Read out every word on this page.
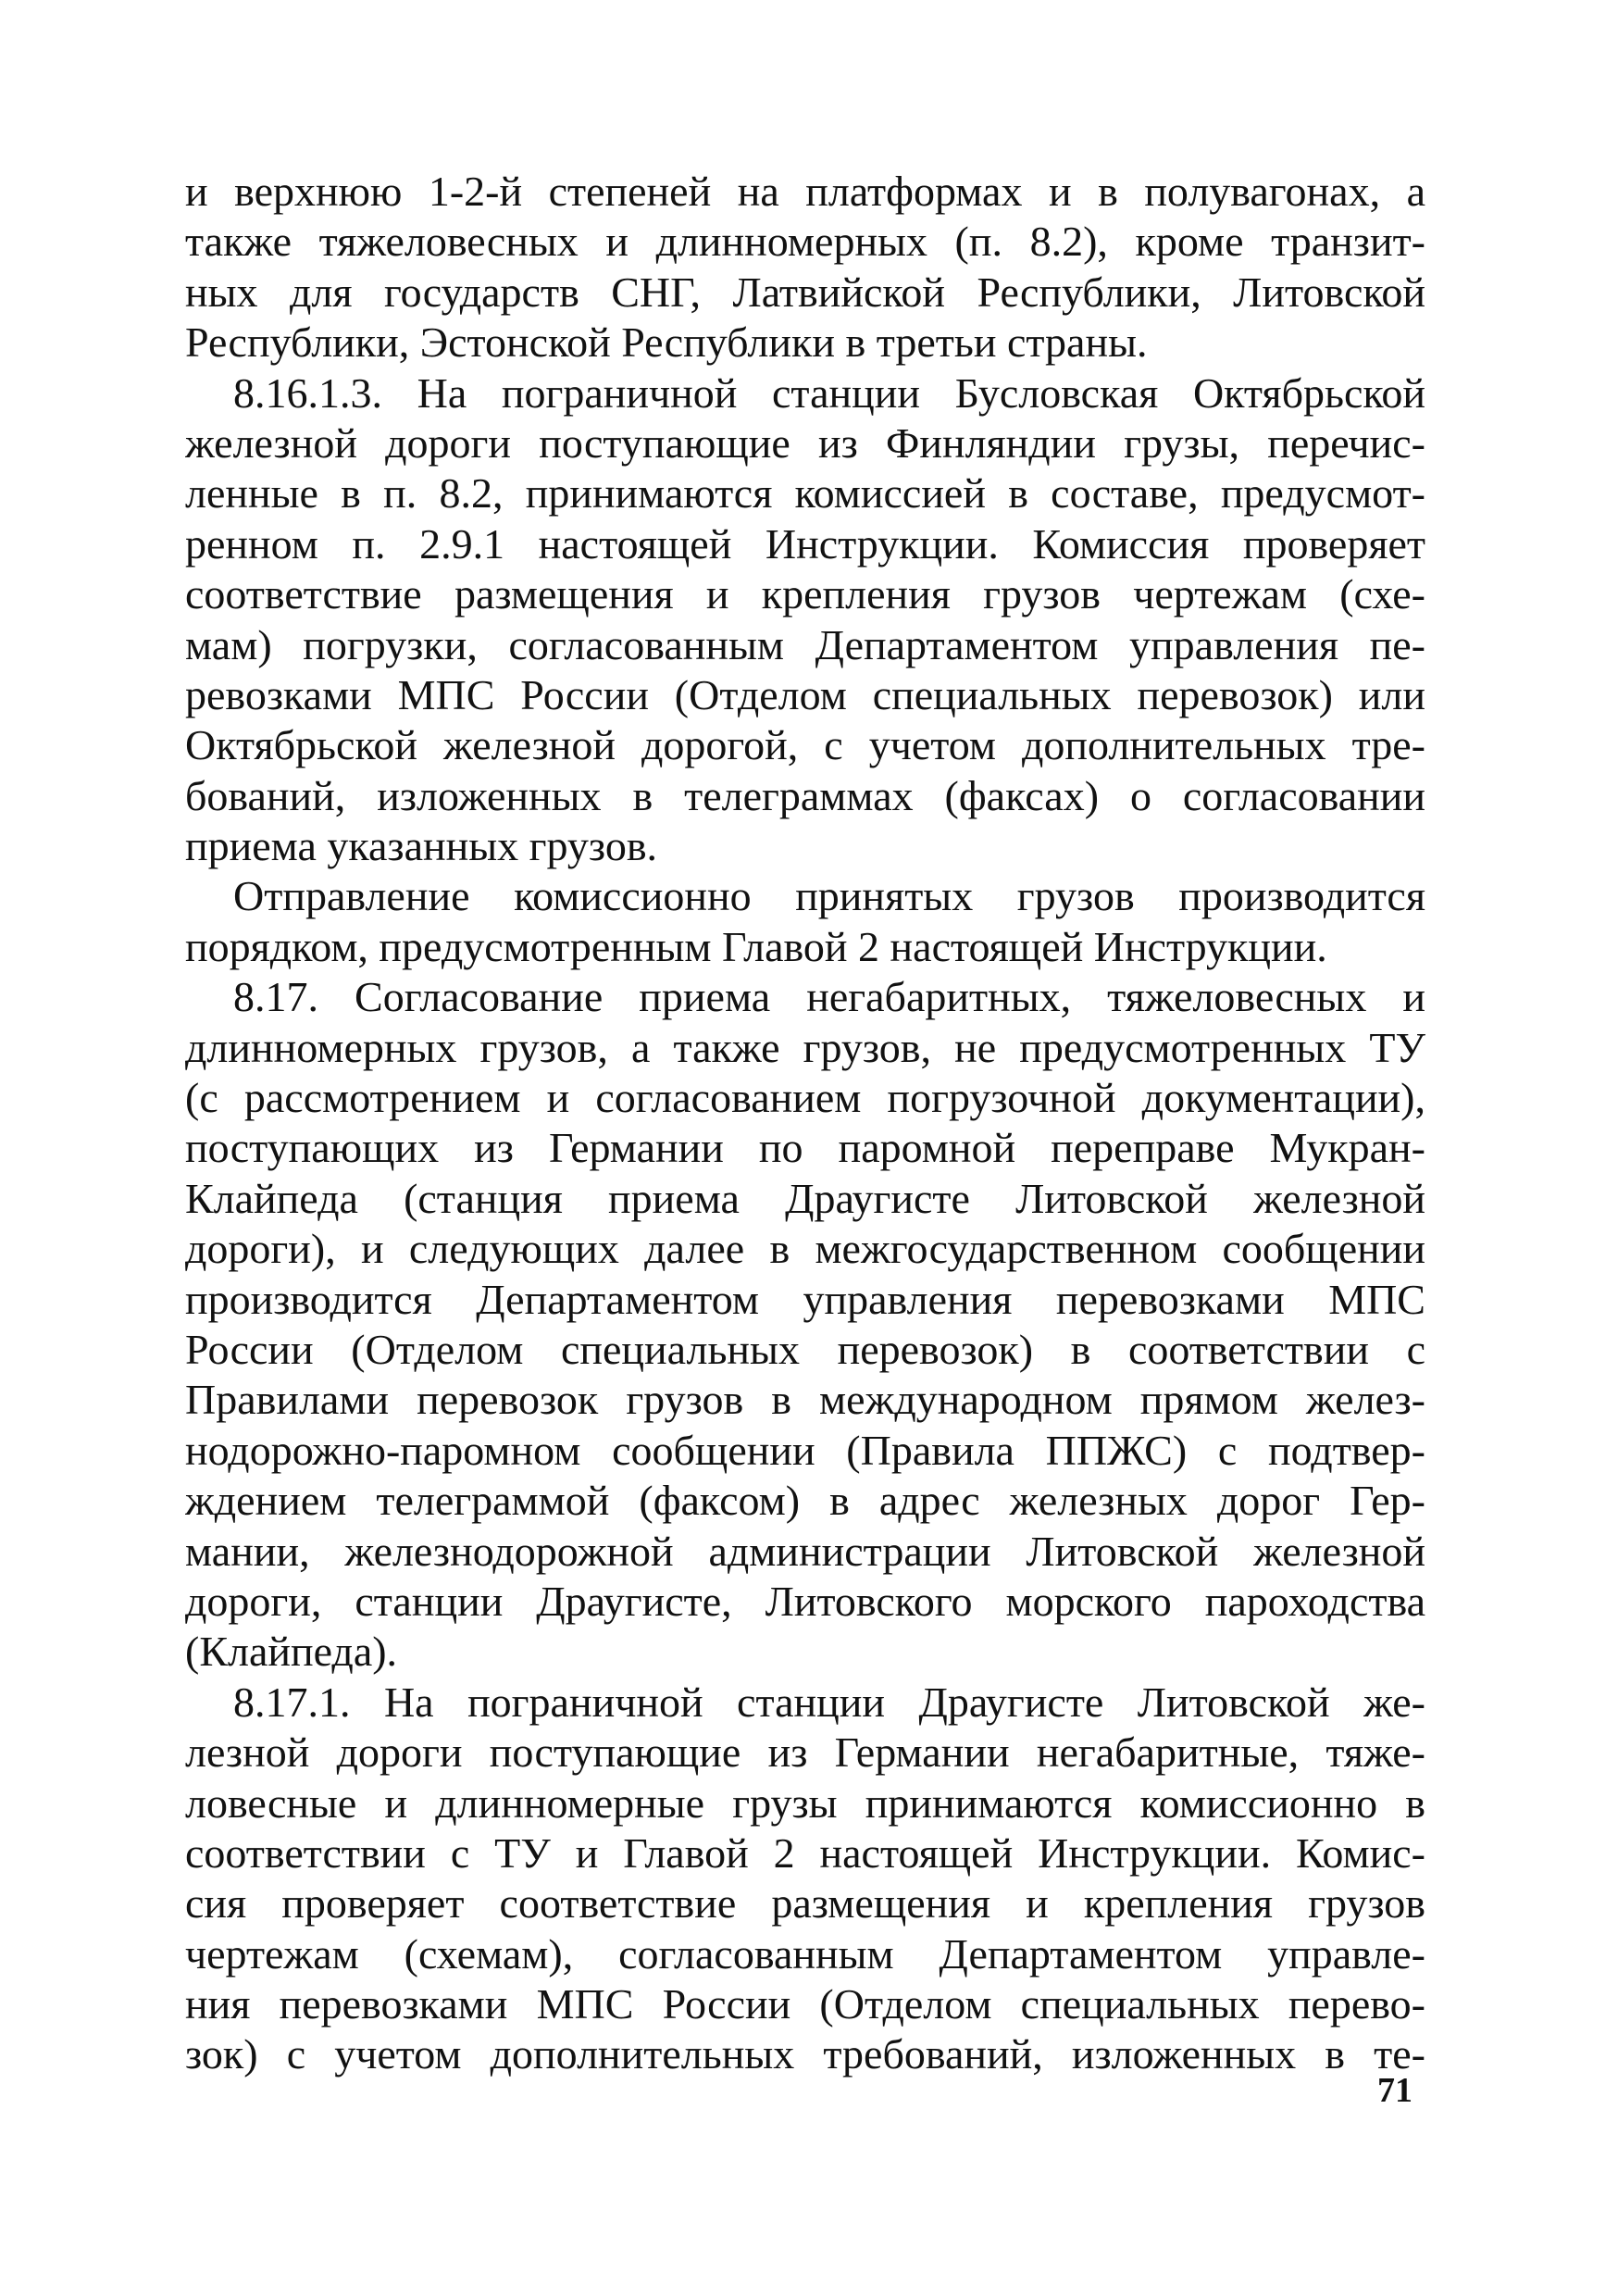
и верхнюю 1-2-й степеней на платформах и в полувагонах, а
также тяжеловесных и длинномерных (п. 8.2), кроме транзит-
ных для государств СНГ, Латвийской Республики, Литовской
Республики, Эстонской Республики в третьи страны.
8.16.1.3. На пограничной станции Бусловская Октябрьской
железной дороги поступающие из Финляндии грузы, перечис-
ленные в п. 8.2, принимаются комиссией в составе, предусмот-
ренном п. 2.9.1 настоящей Инструкции. Комиссия проверяет
соответствие размещения и крепления грузов чертежам (схе-
мам) погрузки, согласованным Департаментом управления пе-
ревозками МПС России (Отделом специальных перевозок) или
Октябрьской железной дорогой, с учетом дополнительных тре-
бований, изложенных в телеграммах (факсах) о согласовании
приема указанных грузов.
Отправление комиссионно принятых грузов производится
порядком, предусмотренным Главой 2 настоящей Инструкции.
8.17. Согласование приема негабаритных, тяжеловесных и
длинномерных грузов, а также грузов, не предусмотренных ТУ
(с рассмотрением и согласованием погрузочной документации),
поступающих из Германии по паромной переправе Мукран-
Клайпеда (станция приема Драугисте Литовской железной
дороги), и следующих далее в межгосударственном сообщении
производится Департаментом управления перевозками МПС
России (Отделом специальных перевозок) в соответствии с
Правилами перевозок грузов в международном прямом желез-
нодорожно-паромном сообщении (Правила ППЖС) с подтвер-
ждением телеграммой (факсом) в адрес железных дорог Гер-
мании, железнодорожной администрации Литовской железной
дороги, станции Драугисте, Литовского морского пароходства
(Клайпеда).
8.17.1. На пограничной станции Драугисте Литовской же-
лезной дороги поступающие из Германии негабаритные, тяже-
ловесные и длинномерные грузы принимаются комиссионно в
соответствии с ТУ и Главой 2 настоящей Инструкции. Комис-
сия проверяет соответствие размещения и крепления грузов
чертежам (схемам), согласованным Департаментом управле-
ния перевозками МПС России (Отделом специальных перево-
зок) с учетом дополнительных требований, изложенных в те-
71
